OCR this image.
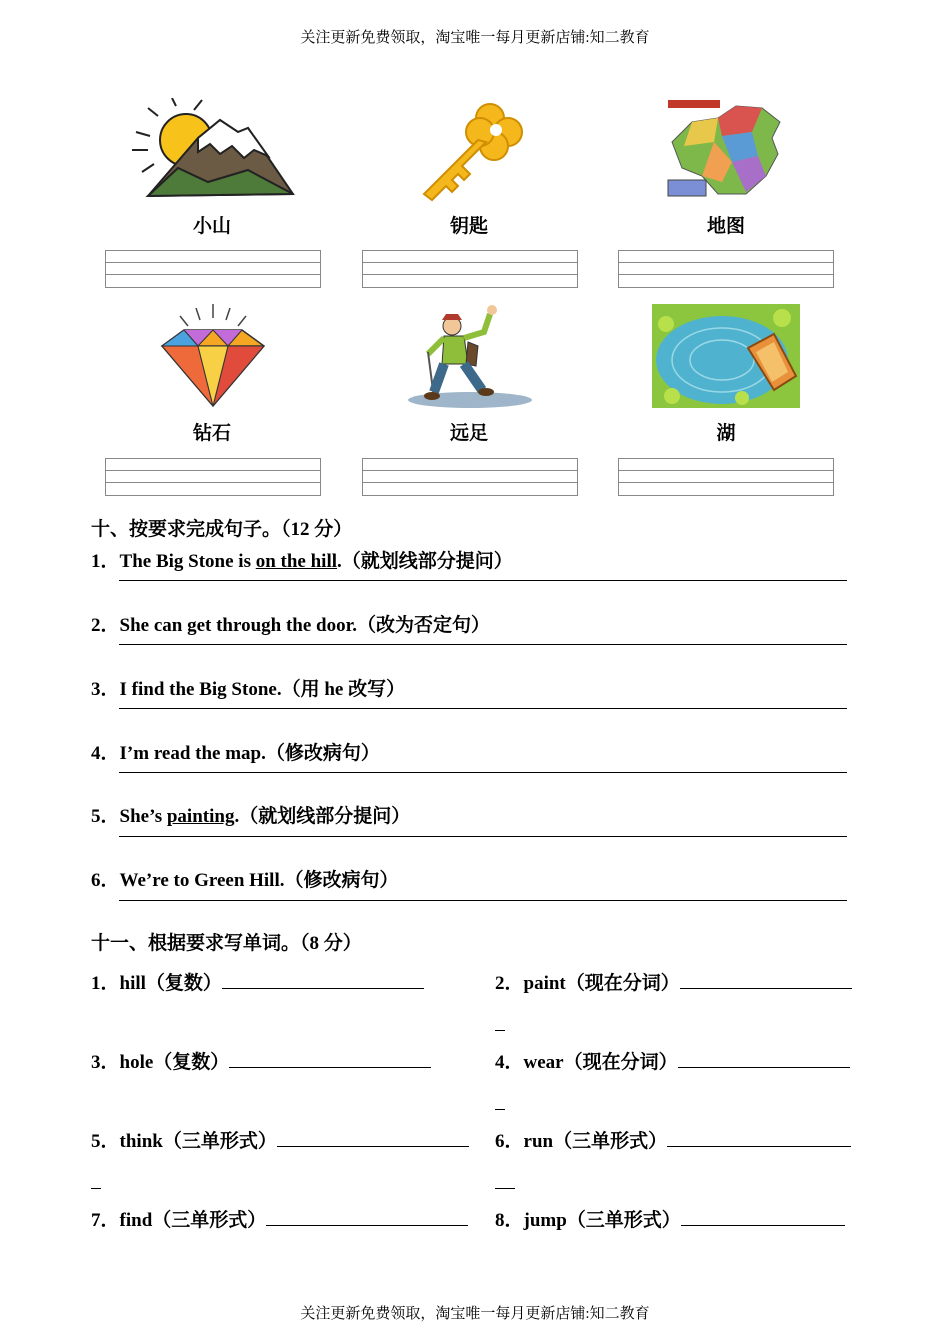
关注更新免费领取，淘宝唯一每月更新店铺:知二教育
小山	钥匙	地图
钻石	远足	湖
十、按要求完成句子。（12 分）
1．The Big Stone is on the hill.（就划线部分提问）
2．She can get through the door.（改为否定句）
3．I find the Big Stone.（用 he 改写）
4．I’m read the map.（修改病句）
5．She’s painting.（就划线部分提问）
6．We’re to Green Hill.（修改病句）
十一、根据要求写单词。（8 分）
1．hill（复数）	2．paint（现在分词）
3．hole（复数）	4．wear（现在分词）
5．think（三单形式）	6．run（三单形式）
7．find（三单形式）	8．jump（三单形式）
关注更新免费领取，淘宝唯一每月更新店铺:知二教育
